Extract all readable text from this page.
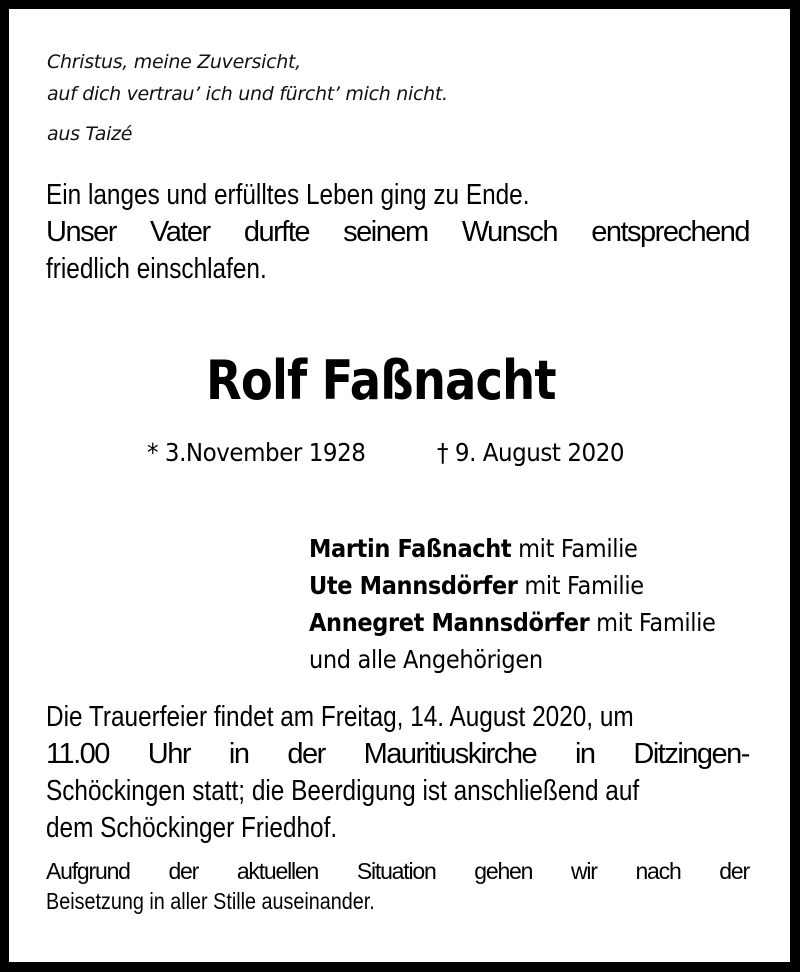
Christus, meine Zuversicht,
auf dich vertrau’ ich und fürcht’ mich nicht.
aus Taizé
Ein langes und erfülltes Leben ging zu Ende.
Unser Vater durfte seinem Wunsch entsprechend
friedlich einschlafen.
Rolf Faßnacht
* 3.November 1928	† 9. August 2020
Martin Faßnacht mit Familie
Ute Mannsdörfer mit Familie
Annegret Mannsdörfer mit Familie
und alle Angehörigen
Die Trauerfeier findet am Freitag, 14. August 2020, um
11.00 Uhr in der Mauritiuskirche in Ditzingen-
Schöckingen statt; die Beerdigung ist anschließend auf
dem Schöckinger Friedhof.
Aufgrund der aktuellen Situation gehen wir nach der
Beisetzung in aller Stille auseinander.
